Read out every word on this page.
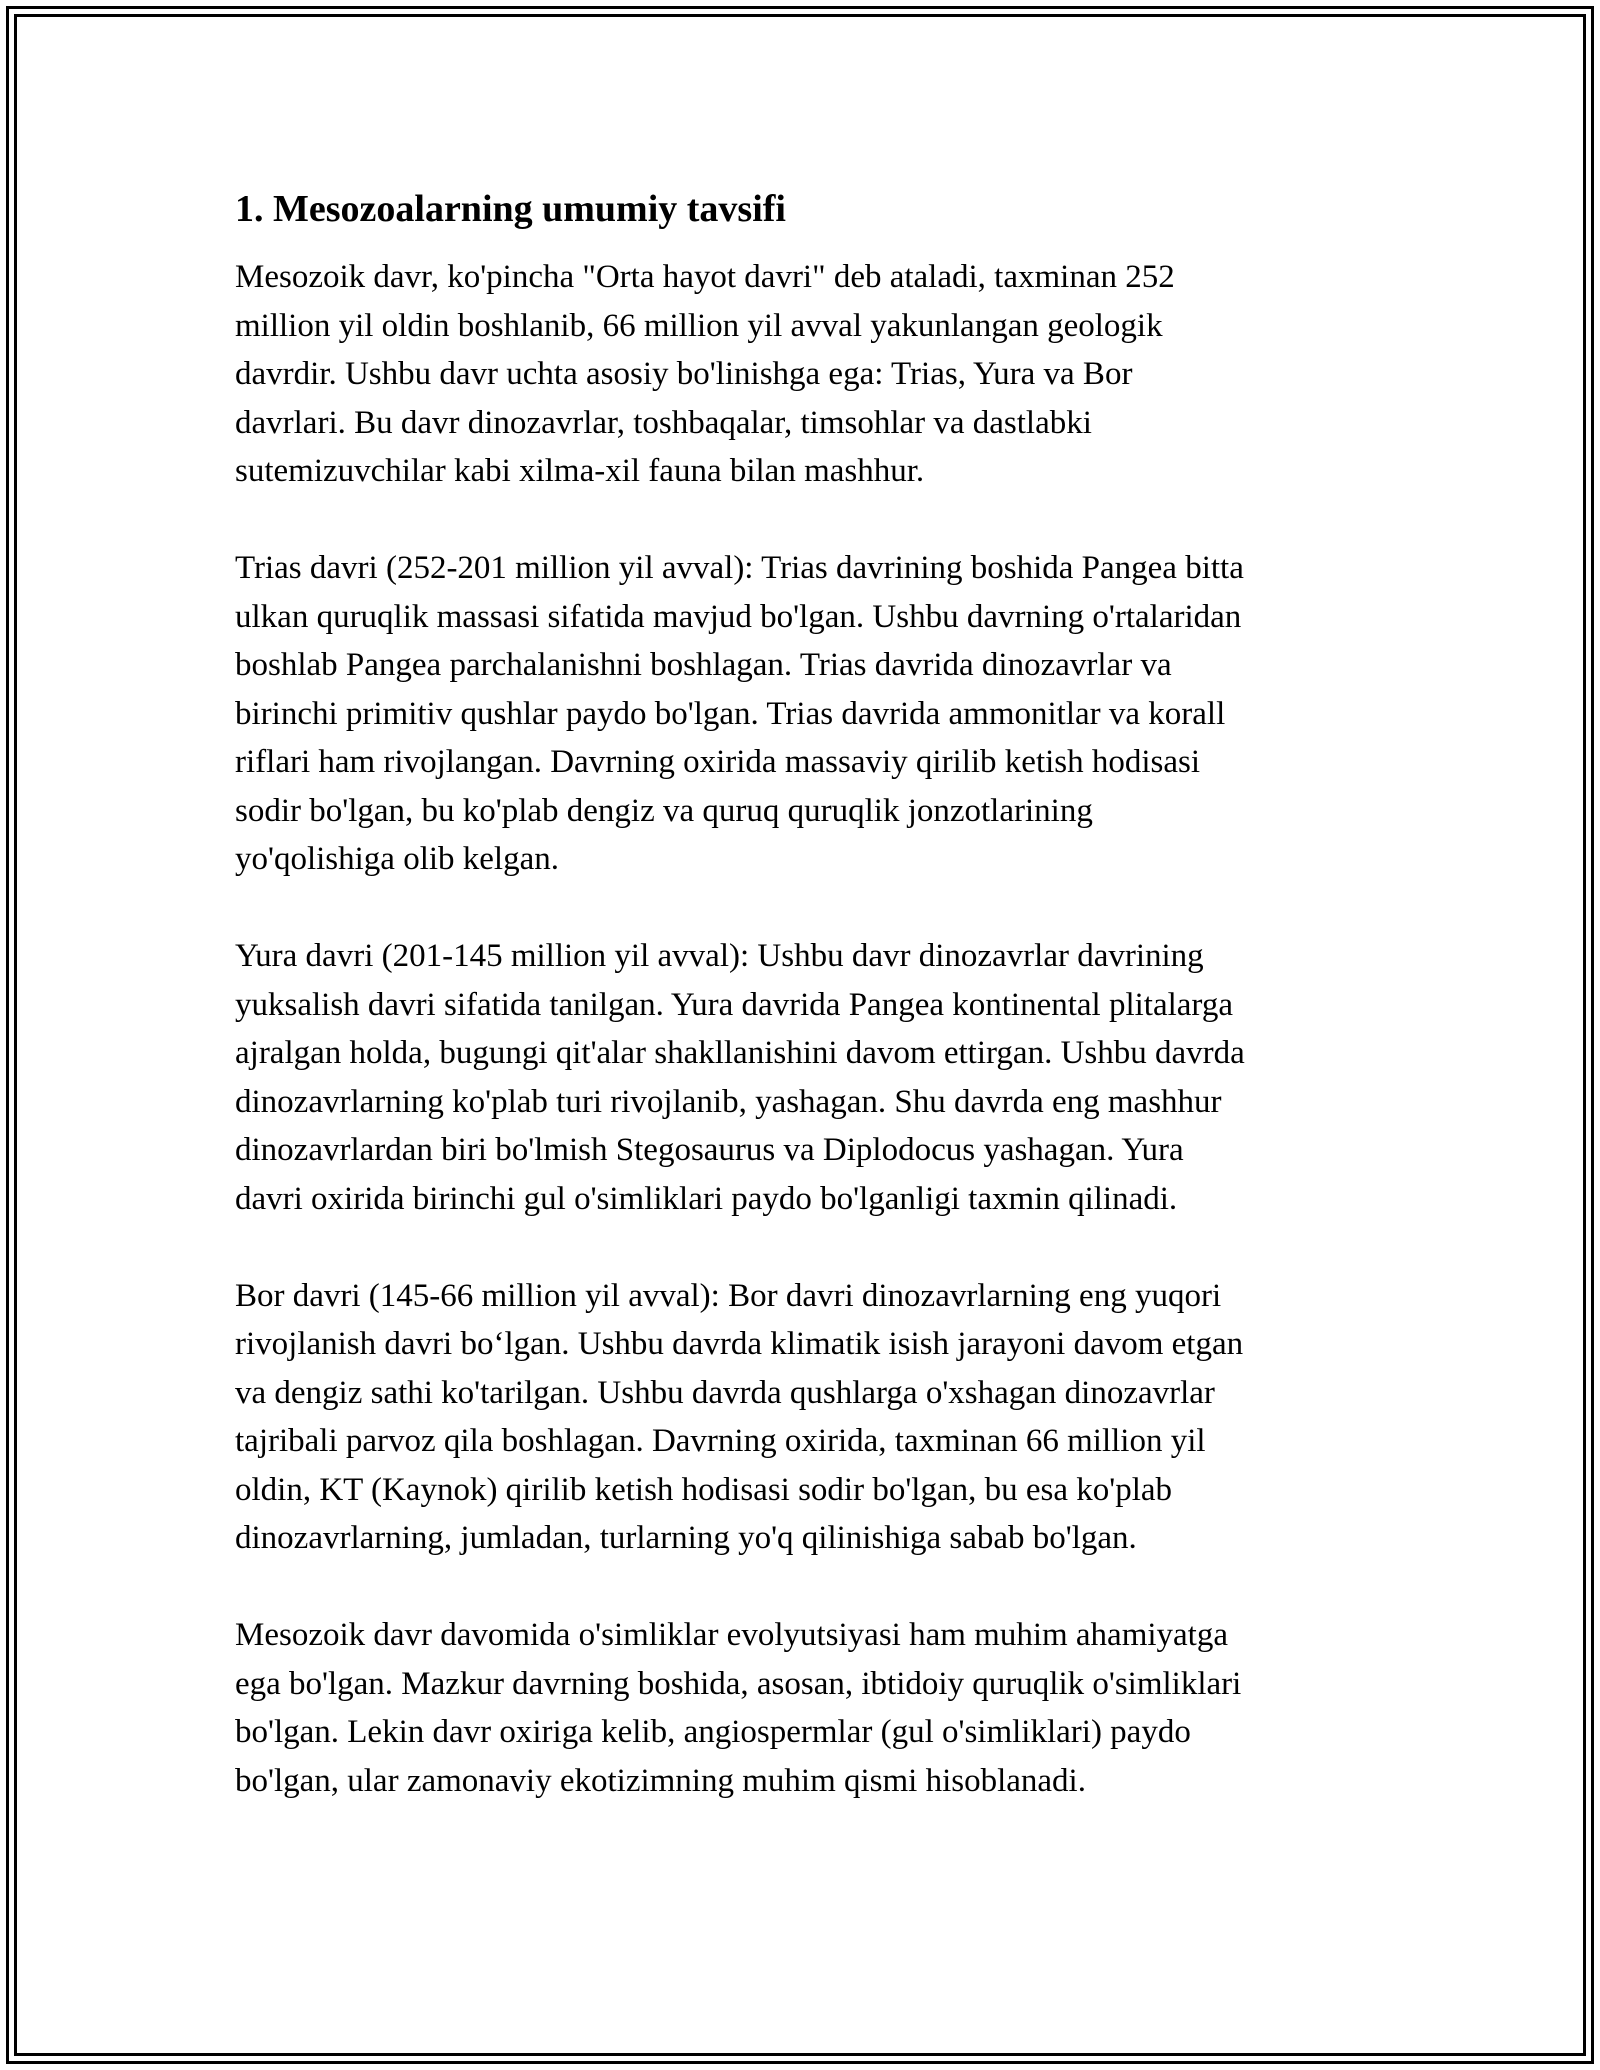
1. Mesozoalarning umumiy tavsifi

Mesozoik davr, ko'pincha "Orta hayot davri" deb ataladi, taxminan 252
million yil oldin boshlanib, 66 million yil avval yakunlangan geologik
davrdir. Ushbu davr uchta asosiy bo'linishga ega: Trias, Yura va Bor
davrlari. Bu davr dinozavrlar, toshbaqalar, timsohlar va dastlabki
sutemizuvchilar kabi xilma-xil fauna bilan mashhur.

Trias davri (252-201 million yil avval): Trias davrining boshida Pangea bitta
ulkan quruqlik massasi sifatida mavjud bo'lgan. Ushbu davrning o'rtalaridan
boshlab Pangea parchalanishni boshlagan. Trias davrida dinozavrlar va
birinchi primitiv qushlar paydo bo'lgan. Trias davrida ammonitlar va korall
riflari ham rivojlangan. Davrning oxirida massaviy qirilib ketish hodisasi
sodir bo'lgan, bu ko'plab dengiz va quruq quruqlik jonzotlarining
yo'qolishiga olib kelgan.

Yura davri (201-145 million yil avval): Ushbu davr dinozavrlar davrining
yuksalish davri sifatida tanilgan. Yura davrida Pangea kontinental plitalarga
ajralgan holda, bugungi qit'alar shakllanishini davom ettirgan. Ushbu davrda
dinozavrlarning ko'plab turi rivojlanib, yashagan. Shu davrda eng mashhur
dinozavrlardan biri bo'lmish Stegosaurus va Diplodocus yashagan. Yura
davri oxirida birinchi gul o'simliklari paydo bo'lganligi taxmin qilinadi.

Bor davri (145-66 million yil avval): Bor davri dinozavrlarning eng yuqori
rivojlanish davri bo‘lgan. Ushbu davrda klimatik isish jarayoni davom etgan
va dengiz sathi ko'tarilgan. Ushbu davrda qushlarga o'xshagan dinozavrlar
tajribali parvoz qila boshlagan. Davrning oxirida, taxminan 66 million yil
oldin, KT (Kaynok) qirilib ketish hodisasi sodir bo'lgan, bu esa ko'plab
dinozavrlarning, jumladan, turlarning yo'q qilinishiga sabab bo'lgan.

Mesozoik davr davomida o'simliklar evolyutsiyasi ham muhim ahamiyatga
ega bo'lgan. Mazkur davrning boshida, asosan, ibtidoiy quruqlik o'simliklari
bo'lgan. Lekin davr oxiriga kelib, angiospermlar (gul o'simliklari) paydo
bo'lgan, ular zamonaviy ekotizimning muhim qismi hisoblanadi.
